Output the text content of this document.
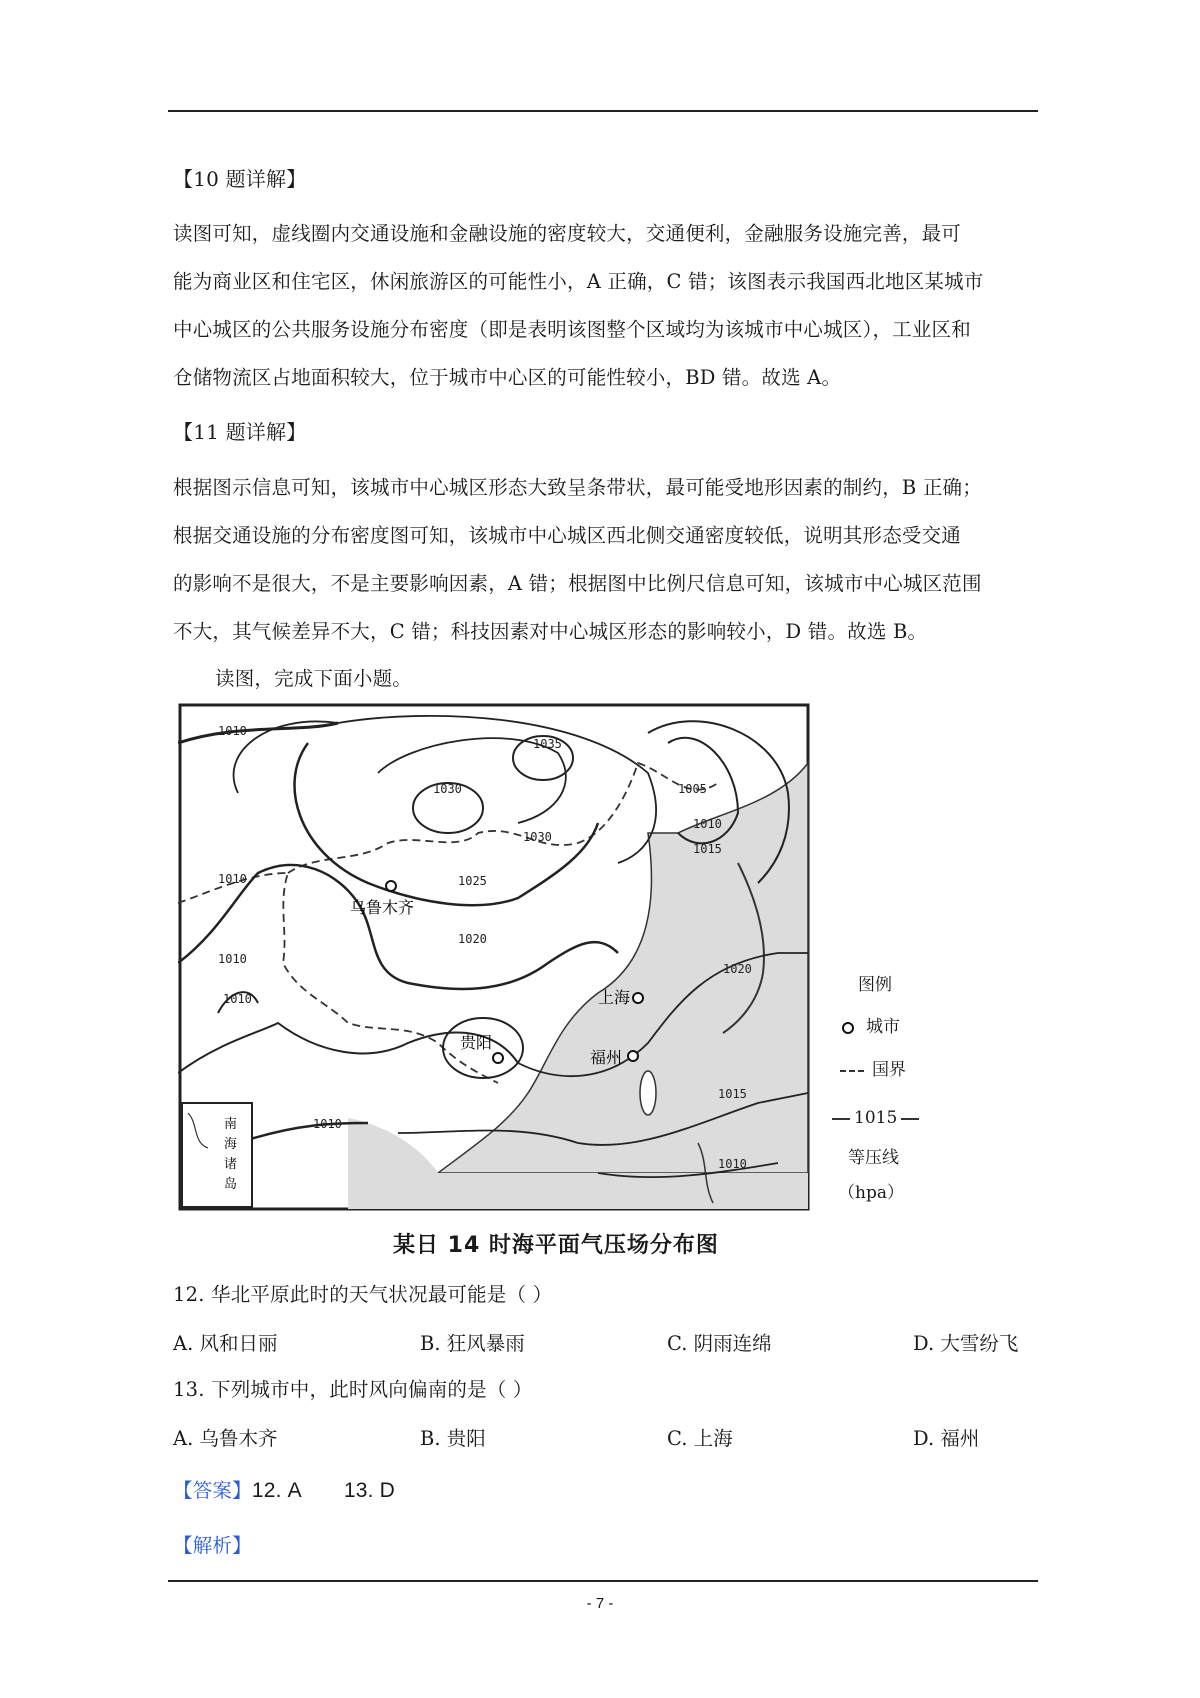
【10 题详解】
读图可知，虚线圈内交通设施和金融设施的密度较大，交通便利，金融服务设施完善，最可
能为商业区和住宅区，休闲旅游区的可能性小，A 正确，C 错；该图表示我国西北地区某城市
中心城区的公共服务设施分布密度（即是表明该图整个区域均为该城市中心城区），工业区和
仓储物流区占地面积较大，位于城市中心区的可能性较小，BD 错。故选 A。
【11 题详解】
根据图示信息可知，该城市中心城区形态大致呈条带状，最可能受地形因素的制约，B 正确；
根据交通设施的分布密度图可知，该城市中心城区西北侧交通密度较低，说明其形态受交通
的影响不是很大，不是主要影响因素，A 错；根据图中比例尺信息可知，该城市中心城区范围
不大，其气候差异不大，C 错；科技因素对中心城区形态的影响较小，D 错。故选 B。
读图，完成下面小题。
南
海
诸
岛
乌鲁木齐
上海
贵阳
福州
1010
1035
1030	1005
1015
1010
1025
1030
1010
1020
1010
1010
1010
1020
1015
1010
图例
城市
国界
1015
等压线
（hpa）
某日 14 时海平面气压场分布图
12. 华北平原此时的天气状况最可能是（ ）
A. 风和日丽	B. 狂风暴雨	C. 阴雨连绵	D. 大雪纷飞
13. 下列城市中，此时风向偏南的是（ ）
A. 乌鲁木齐	B. 贵阳	C. 上海	D. 福州
【答案】12. A 13. D
【解析】
- 7 -
